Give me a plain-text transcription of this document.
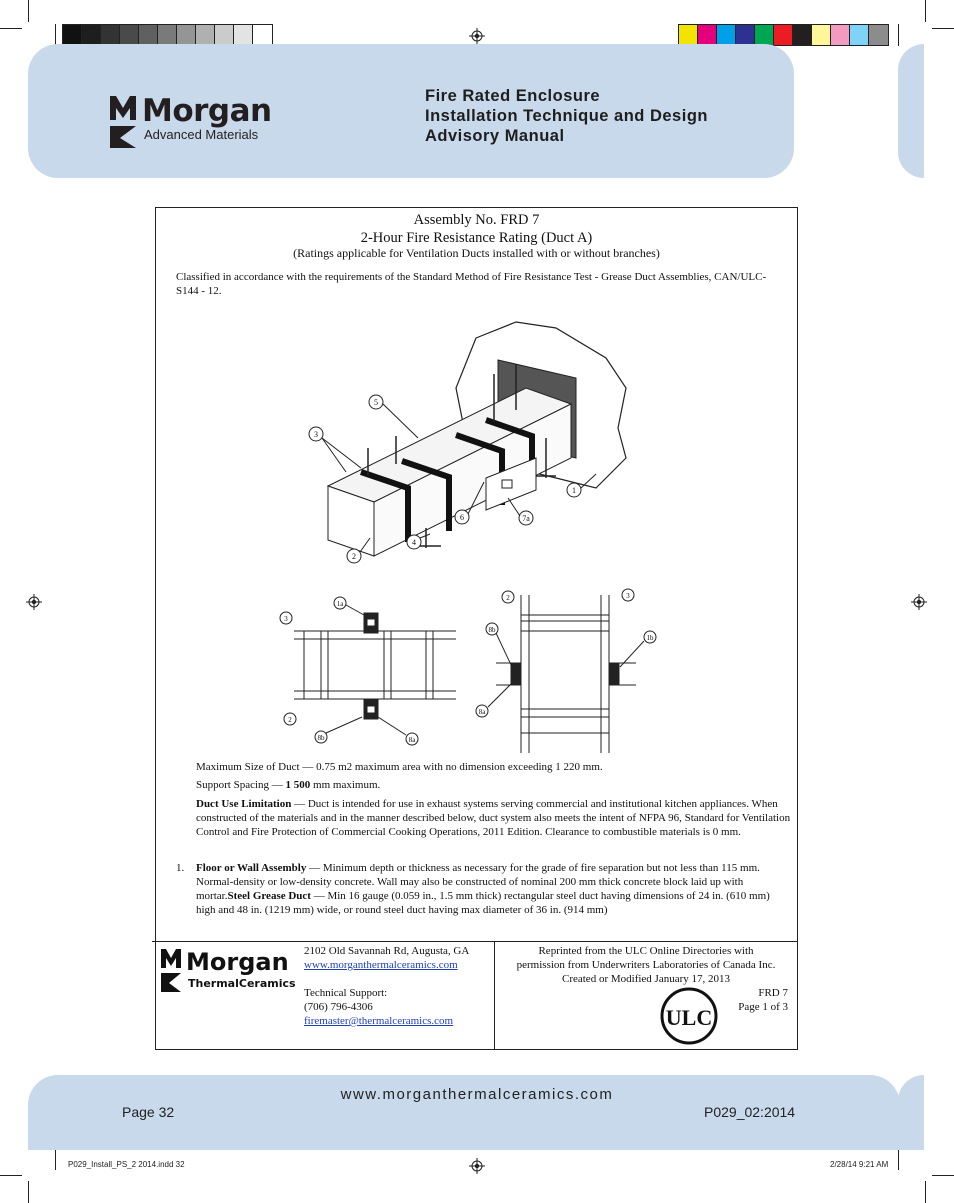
Morgan
Advanced Materials
Fire Rated Enclosure
Installation Technique and Design
Advisory Manual
Assembly No. FRD 7
2-Hour Fire Resistance Rating (Duct A)
(Ratings applicable for Ventilation Ducts installed with or without branches)
Classified in accordance with the requirements of the Standard Method of Fire Resistance Test - Grease Duct Assemblies, CAN/ULC-S144 - 12.
5
3
1
6	7a
2
4
3
1a
2
8b	8a
2	3
8b
1b
8a
Maximum Size of Duct — 0.75 m2 maximum area with no dimension exceeding 1 220 mm.
Support Spacing — 1 500 mm maximum.
Duct Use Limitation — Duct is intended for use in exhaust systems serving commercial and institutional kitchen appliances. When constructed of the materials and in the manner described below, duct system also meets the intent of NFPA 96, Standard for Ventilation Control and Fire Protection of Commercial Cooking Operations, 2011 Edition. Clearance to combustible materials is 0 mm.
1.	Floor or Wall Assembly — Minimum depth or thickness as necessary for the grade of fire separation but not less than 115 mm. Normal-density or low-density concrete. Wall may also be constructed of nominal 200 mm thick concrete block laid up with mortar.Steel Grease Duct — Min 16 gauge (0.059 in., 1.5 mm thick) rectangular steel duct having dimensions of 24 in. (610 mm) high and 48 in. (1219 mm) wide, or round steel duct having max diameter of 36 in. (914 mm)
Morgan
ThermalCeramics
2102 Old Savannah Rd, Augusta, GA
www.morganthermalceramics.com
Technical Support:
(706) 796-4306
firemaster@thermalceramics.com
Reprinted from the ULC Online Directories with
permission from Underwriters Laboratories of Canada Inc.
Created or Modified January 17, 2013
FRD 7
Page 1 of 3
ULC
www.morganthermalceramics.com
Page 32	P029_02:2014
P029_Install_PS_2 2014.indd 32	2/28/14 9:21 AM
